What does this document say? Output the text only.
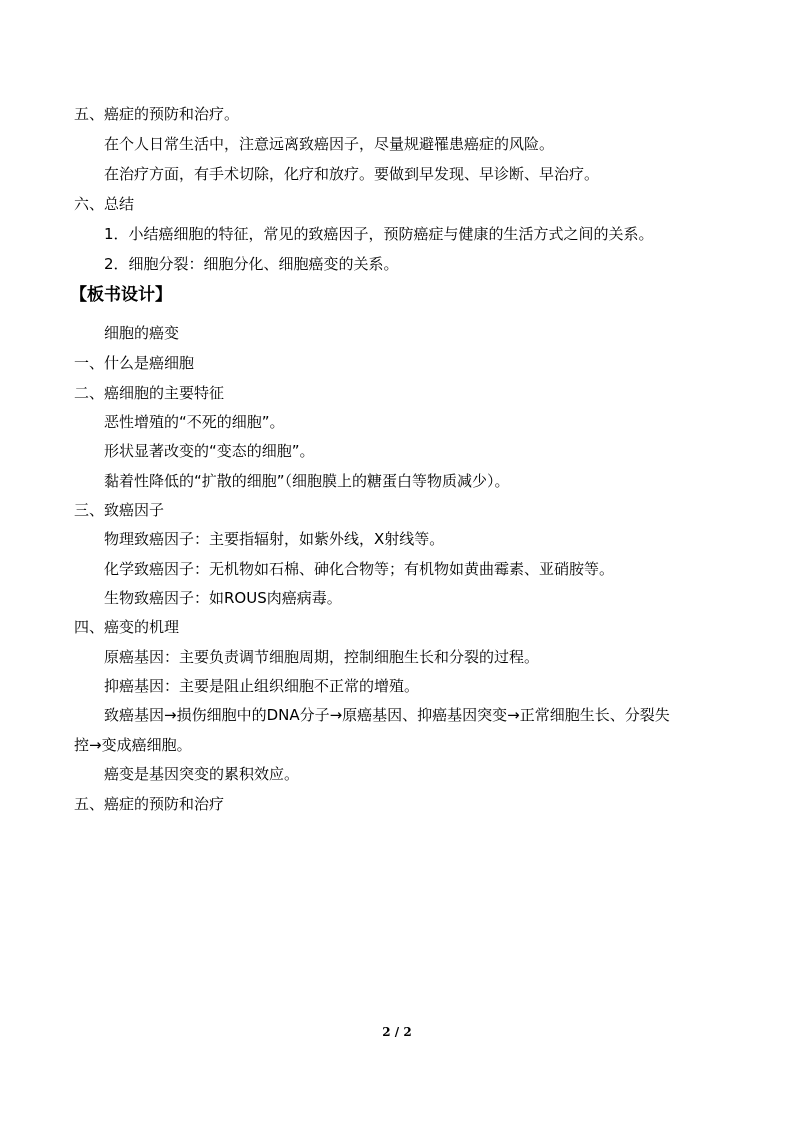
五、癌症的预防和治疗。
在个人日常生活中，注意远离致癌因子，尽量规避罹患癌症的风险。
在治疗方面，有手术切除，化疗和放疗。要做到早发现、早诊断、早治疗。
六、总结
1．小结癌细胞的特征，常见的致癌因子，预防癌症与健康的生活方式之间的关系。
2．细胞分裂：细胞分化、细胞癌变的关系。
【板书设计】
细胞的癌变
一、什么是癌细胞
二、癌细胞的主要特征
恶性增殖的“不死的细胞”。
形状显著改变的“变态的细胞”。
黏着性降低的“扩散的细胞”（细胞膜上的糖蛋白等物质减少）。
三、致癌因子
物理致癌因子：主要指辐射，如紫外线，X射线等。
化学致癌因子：无机物如石棉、砷化合物等；有机物如黄曲霉素、亚硝胺等。
生物致癌因子：如ROUS肉癌病毒。
四、癌变的机理
原癌基因：主要负责调节细胞周期，控制细胞生长和分裂的过程。
抑癌基因：主要是阻止组织细胞不正常的增殖。
致癌基因→损伤细胞中的DNA分子→原癌基因、抑癌基因突变→正常细胞生长、分裂失
控→变成癌细胞。
癌变是基因突变的累积效应。
五、癌症的预防和治疗
2 / 2
